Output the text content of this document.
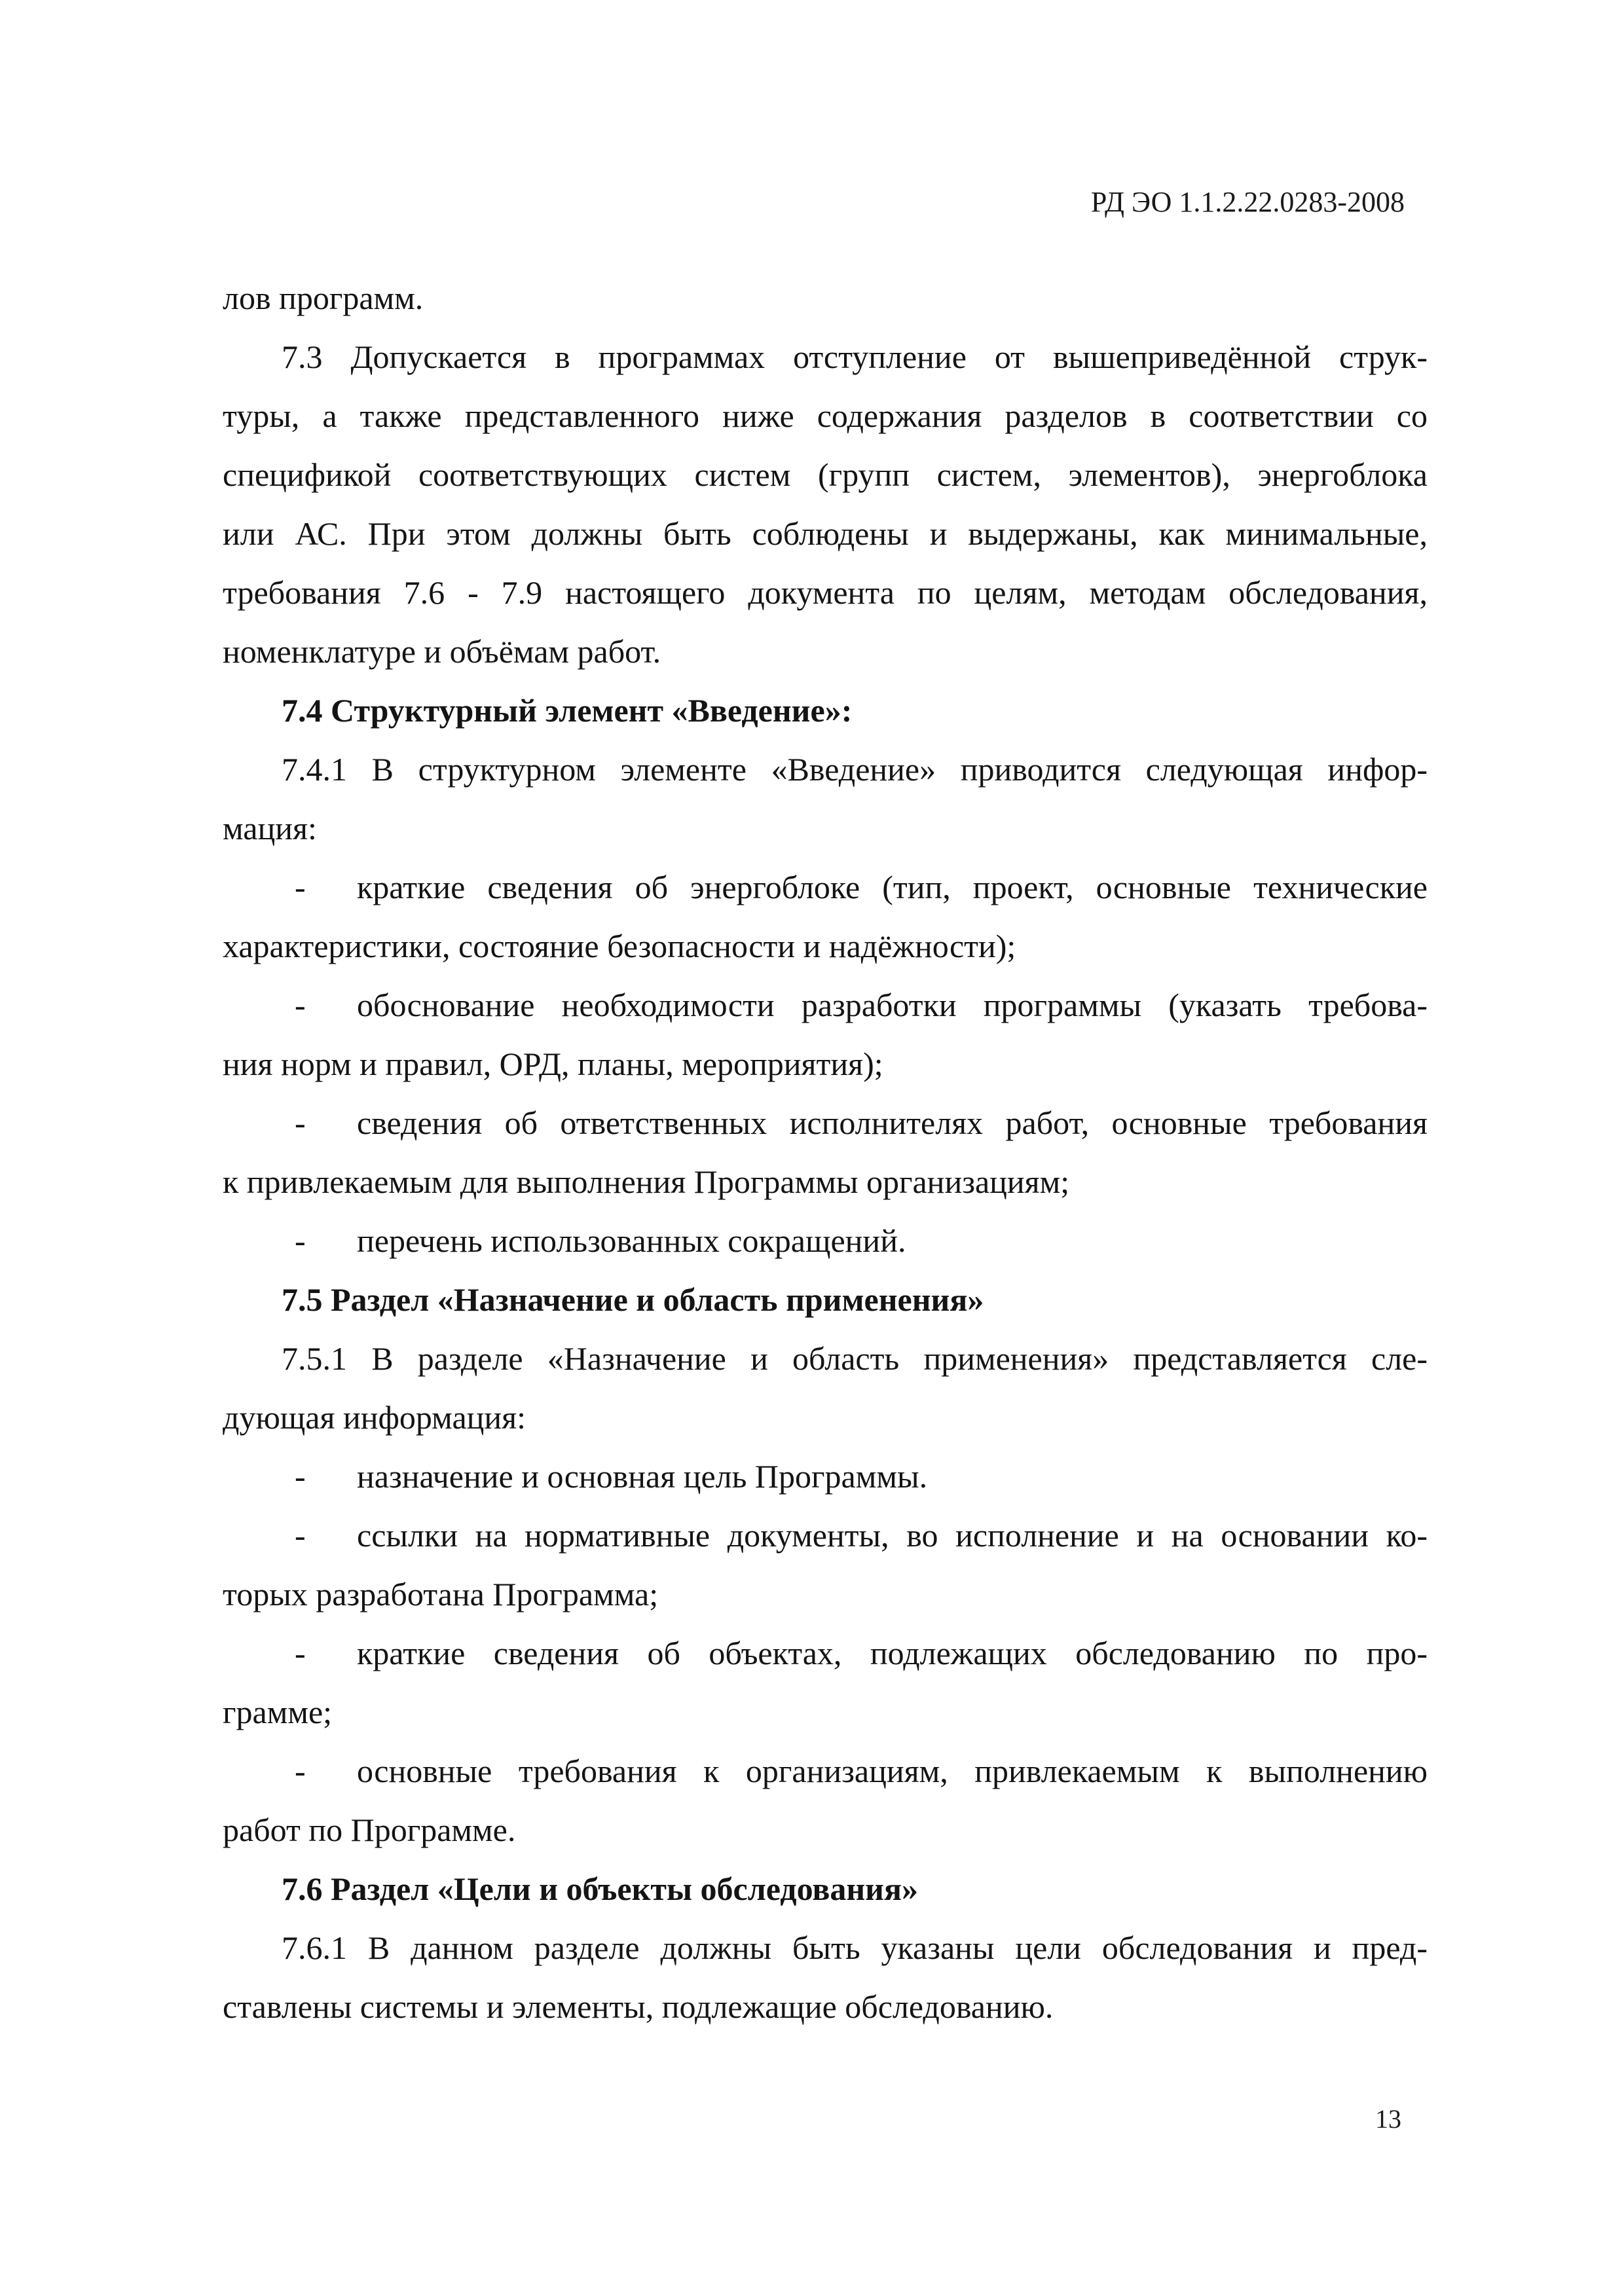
РД ЭО 1.1.2.22.0283-2008
лов программ.
7.3 Допускается в программах отступление от вышеприведённой струк-
туры, а также представленного ниже содержания разделов в соответствии со
спецификой соответствующих систем (групп систем, элементов), энергоблока
или АС. При этом должны быть соблюдены и выдержаны, как минимальные,
требования 7.6 - 7.9 настоящего документа по целям, методам обследования,
номенклатуре и объёмам работ.
7.4 Структурный элемент «Введение»:
7.4.1 В структурном элементе «Введение» приводится следующая инфор-
мация:
- краткие сведения об энергоблоке (тип, проект, основные технические
характеристики, состояние безопасности и надёжности);
- обоснование необходимости разработки программы (указать требова-
ния норм и правил, ОРД, планы, мероприятия);
- сведения об ответственных исполнителях работ, основные требования
к привлекаемым для выполнения Программы организациям;
- перечень использованных сокращений.
7.5 Раздел «Назначение и область применения»
7.5.1 В разделе «Назначение и область применения» представляется сле-
дующая информация:
- назначение и основная цель Программы.
- ссылки на нормативные документы, во исполнение и на основании ко-
торых разработана Программа;
- краткие сведения об объектах, подлежащих обследованию по про-
грамме;
- основные требования к организациям, привлекаемым к выполнению
работ по Программе.
7.6 Раздел «Цели и объекты обследования»
7.6.1 В данном разделе должны быть указаны цели обследования и пред-
ставлены системы и элементы, подлежащие обследованию.
13
